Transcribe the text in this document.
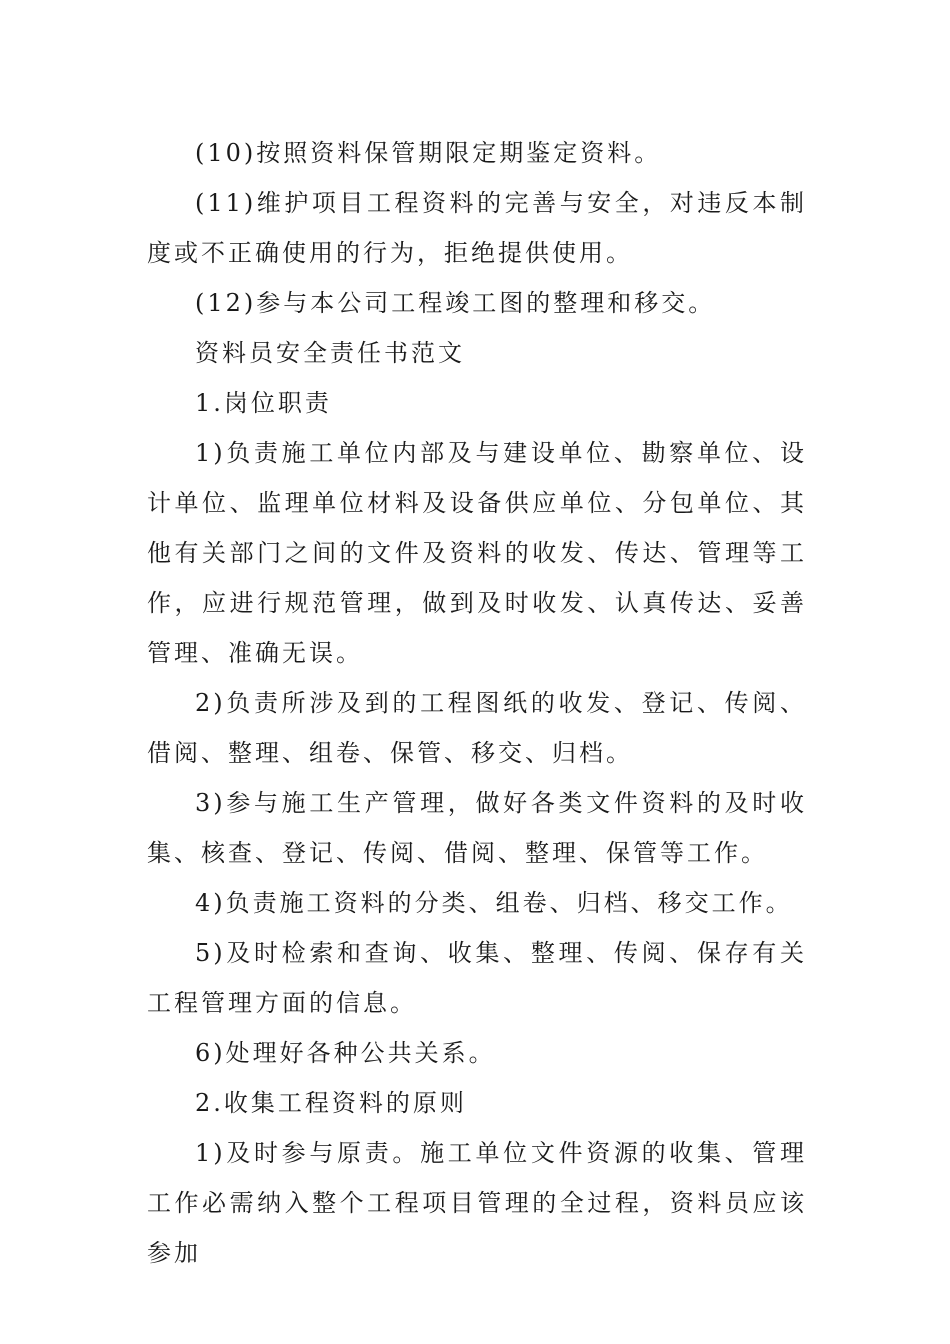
(10)按照资料保管期限定期鉴定资料。

(11)维护项目工程资料的完善与安全，对违反本制度或不正确使用的行为，拒绝提供使用。

(12)参与本公司工程竣工图的整理和移交。

资料员安全责任书范文

1.岗位职责

1)负责施工单位内部及与建设单位、勘察单位、设计单位、监理单位材料及设备供应单位、分包单位、其他有关部门之间的文件及资料的收发、传达、管理等工作，应进行规范管理，做到及时收发、认真传达、妥善管理、准确无误。

2)负责所涉及到的工程图纸的收发、登记、传阅、借阅、整理、组卷、保管、移交、归档。

3)参与施工生产管理，做好各类文件资料的及时收集、核查、登记、传阅、借阅、整理、保管等工作。

4)负责施工资料的分类、组卷、归档、移交工作。

5)及时检索和查询、收集、整理、传阅、保存有关工程管理方面的信息。

6)处理好各种公共关系。

2.收集工程资料的原则

1)及时参与原责。施工单位文件资源的收集、管理工作必需纳入整个工程项目管理的全过程，资料员应该参加
